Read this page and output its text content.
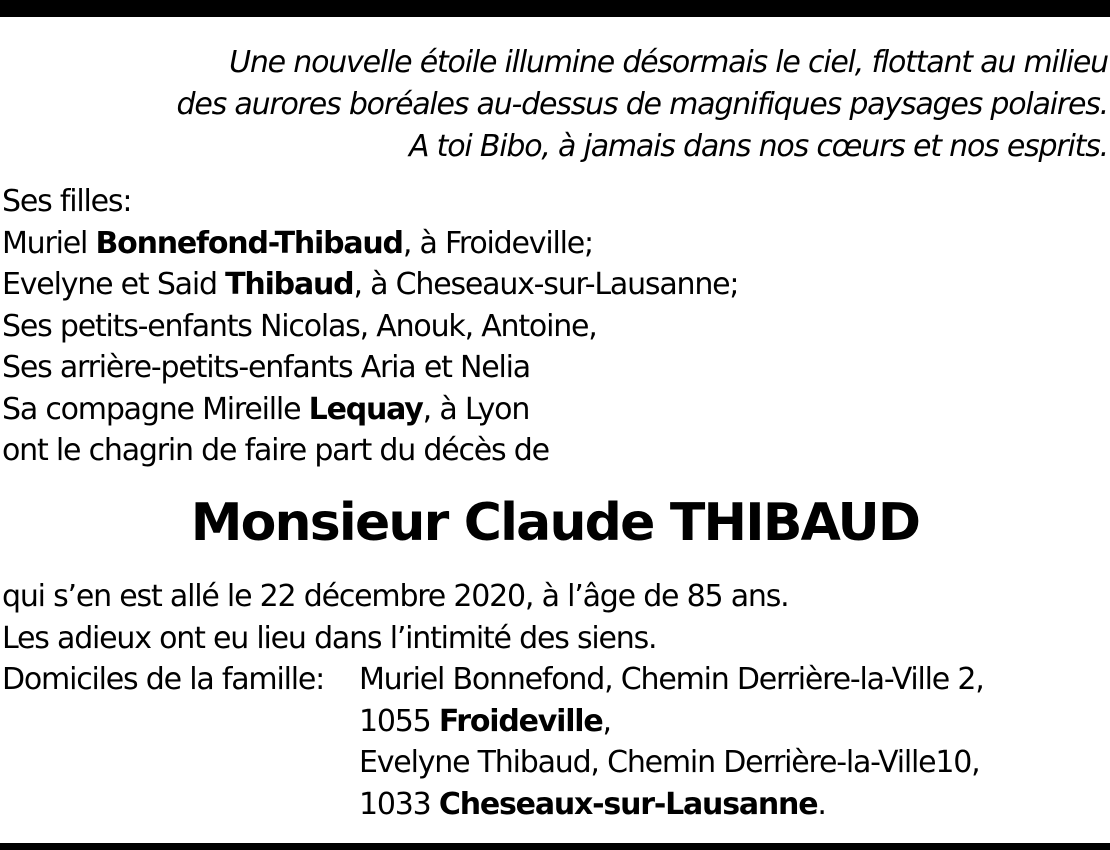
Une nouvelle étoile illumine désormais le ciel, flottant au milieu
des aurores boréales au-dessus de magnifiques paysages polaires.
A toi Bibo, à jamais dans nos cœurs et nos esprits.
Ses filles:
Muriel Bonnefond-Thibaud, à Froideville;
Evelyne et Said Thibaud, à Cheseaux-sur-Lausanne;
Ses petits-enfants Nicolas, Anouk, Antoine,
Ses arrière-petits-enfants Aria et Nelia
Sa compagne Mireille Lequay, à Lyon
ont le chagrin de faire part du décès de
Monsieur Claude THIBAUD
qui s’en est allé le 22 décembre 2020, à l’âge de 85 ans.
Les adieux ont eu lieu dans l’intimité des siens.
Domiciles de la famille: Muriel Bonnefond, Chemin Derrière-la-Ville 2,
1055 Froideville,
Evelyne Thibaud, Chemin Derrière-la-Ville10,
1033 Cheseaux-sur-Lausanne.
